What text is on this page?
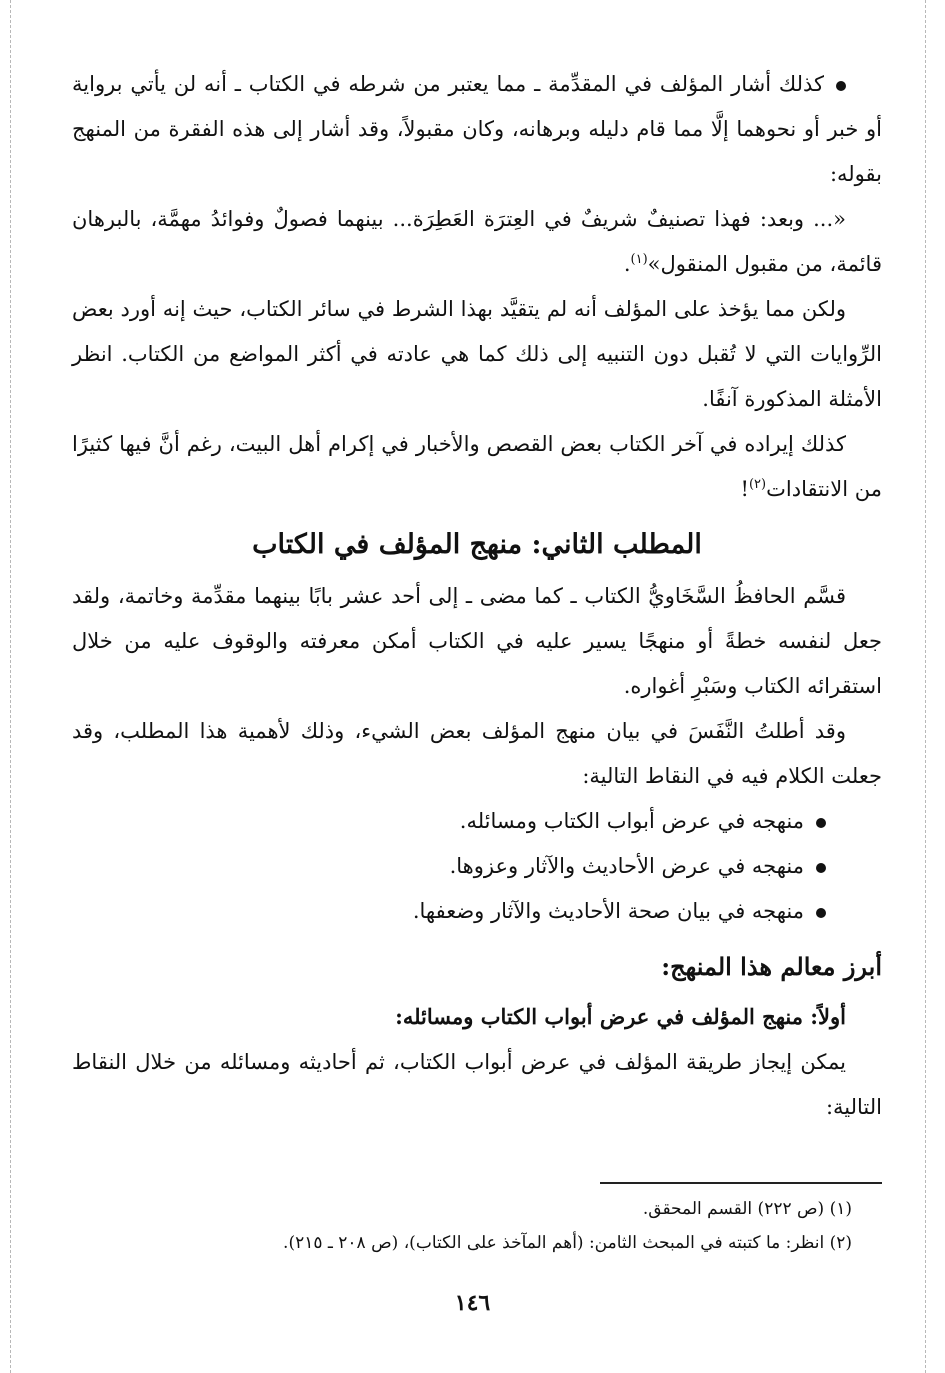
كذلك أشار المؤلف في المقدِّمة ـ مما يعتبر من شرطه في الكتاب ـ أنه لن يأتي برواية أو خبر أو نحوهما إلَّا مما قام دليله وبرهانه، وكان مقبولاً، وقد أشار إلى هذه الفقرة من المنهج بقوله:

«... وبعد: فهذا تصنيفٌ شريفٌ في العِترَة العَطِرَة... بينهما فصولٌ وفوائدُ مهمَّة، بالبرهان قائمة، من مقبول المنقول»$^{(١)}$.

ولكن مما يؤخذ على المؤلف أنه لم يتقيَّد بهذا الشرط في سائر الكتاب، حيث إنه أورد بعض الرِّوايات التي لا تُقبل دون التنبيه إلى ذلك كما هي عادته في أكثر المواضع من الكتاب. انظر الأمثلة المذكورة آنفًا.

كذلك إيراده في آخر الكتاب بعض القصص والأخبار في إكرام أهل البيت، رغم أنَّ فيها كثيرًا من الانتقادات$^{(٢)}$!

المطلب الثاني: منهج المؤلف في الكتاب

قسَّم الحافظُ السَّخَاويُّ الكتاب ـ كما مضى ـ إلى أحد عشر بابًا بينهما مقدِّمة وخاتمة، ولقد جعل لنفسه خطةً أو منهجًا يسير عليه في الكتاب أمكن معرفته والوقوف عليه من خلال استقرائه الكتاب وسَبْرِ أغواره.

وقد أطلتُ النَّفَسَ في بيان منهج المؤلف بعض الشيء، وذلك لأهمية هذا المطلب، وقد جعلت الكلام فيه في النقاط التالية:

منهجه في عرض أبواب الكتاب ومسائله.
منهجه في عرض الأحاديث والآثار وعزوها.
منهجه في بيان صحة الأحاديث والآثار وضعفها.
أبرز معالم هذا المنهج:
أولاً: منهج المؤلف في عرض أبواب الكتاب ومسائله:

يمكن إيجاز طريقة المؤلف في عرض أبواب الكتاب، ثم أحاديثه ومسائله من خلال النقاط التالية:

(١) (ص ٢٢٢) القسم المحقق.
(٢) انظر: ما كتبته في المبحث الثامن: (أهم المآخذ على الكتاب)، (ص ٢٠٨ ـ ٢١٥).
١٤٦
